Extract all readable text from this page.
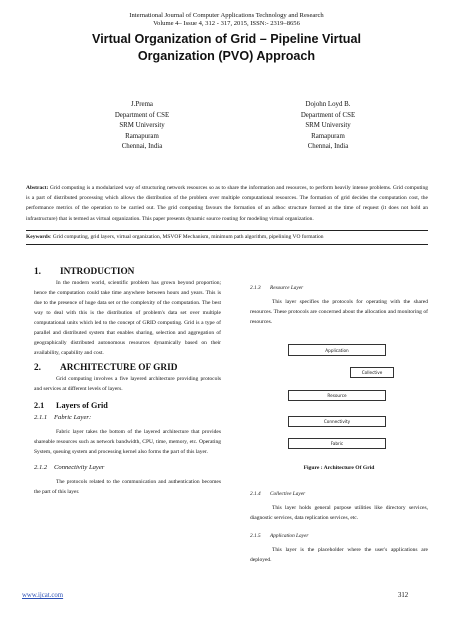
International Journal of Computer Applications Technology and Research
Volume 4– Issue 4, 312 - 317, 2015, ISSN:- 2319–8656
Virtual Organization of Grid – Pipeline Virtual
Organization (PVO) Approach
J.Prema
Department of CSE
SRM University
Ramapuram
Chennai, India
Dojohn Loyd B.
Department of CSE
SRM University
Ramapuram
Chennai, India
Abstract: Grid computing is a modularized way of structuring network resources so as to share the information and resources, to perform heavily intense problems. Grid computing is a part of distributed processing which allows the distribution of the problem over multiple computational resources. The formation of grid decides the computation cost, the performance metrics of the operation to be carried out. The grid computing favours the formation of an adhoc structure formed at the time of request (it does not hold an infrastructure) that is termed as virtual organization. This paper presents dynamic source routing for modeling virtual organization.
Keywords: Grid computing, grid layers, virtual organization, MSVOF Mechanism, minimum path algorithm, pipelining VO formation
1. INTRODUCTION

In the modern world, scientific problem has grown beyond proportion; hence the computation could take time anywhere between hours and years. This is due to the presence of huge data set or the complexity of the computation. The best way to deal with this is the distribution of problem's data set over multiple computational units which led to the concept of GRID computing. Grid is a type of parallel and distributed system that enables sharing, selection and aggregation of geographically distributed autonomous resources dynamically based on their availability, capability and cost.

2. ARCHITECTURE OF GRID

Grid computing involves a five layered architecture providing protocols and services at different levels of layers.

2.1 Layers of Grid
2.1.1 Fabric Layer:

Fabric layer takes the bottom of the layered architecture that provides shareable resources such as network bandwidth, CPU, time, memory, etc. Operating System, queuing system and processing kernel also forms the part of this layer.

2.1.2 Connectivity Layer

The protocols related to the communication and authentication becomes the part of this layer.

2.1.3 Resource Layer

This layer specifies the protocols for operating with the shared resources. These protocols are concerned about the allocation and monitoring of resources.

Application
Collective
Resource
Connectivity
Fabric
Figure : Architecture Of Grid
2.1.4 Collective Layer

This layer holds general purpose utilities like directory services, diagnostic services, data replication services, etc.

2.1.5 Application Layer

This layer is the placeholder where the user's applications are deployed.

www.ijcat.com	312
